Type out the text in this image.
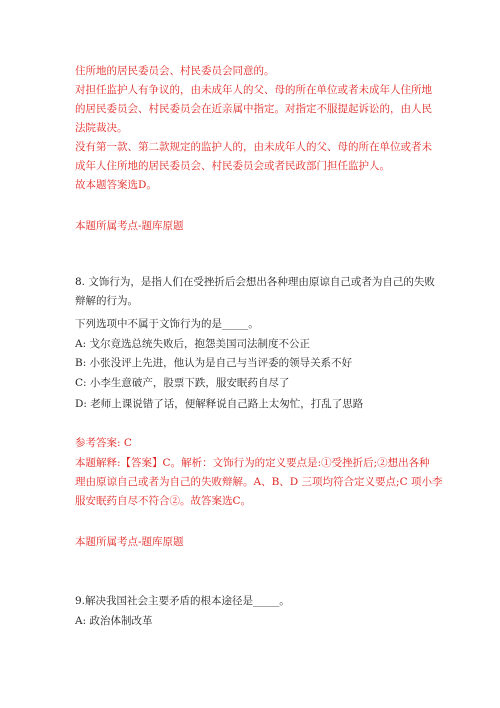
住所地的居民委员会、村民委员会同意的。
对担任监护人有争议的，由未成年人的父、母的所在单位或者未成年人住所地
的居民委员会、村民委员会在近亲属中指定。对指定不服提起诉讼的，由人民
法院裁决。
没有第一款、第二款规定的监护人的，由未成年人的父、母的所在单位或者未
成年人住所地的居民委员会、村民委员会或者民政部门担任监护人。
故本题答案选D。
本题所属考点-题库原题
8. 文饰行为，是指人们在受挫折后会想出各种理由原谅自己或者为自己的失败
辩解的行为。
下列选项中不属于文饰行为的是_____。
A: 戈尔竟选总统失败后，抱怨美国司法制度不公正
B: 小张没评上先进，他认为是自己与当评委的领导关系不好
C: 小李生意破产，股票下跌，服安眠药自尽了
D: 老师上课说错了话，便解释说自己路上太匆忙，打乱了思路
参考答案: C
本题解释:【答案】C。解析：文饰行为的定义要点是:①受挫折后;②想出各种
理由原谅自己或者为自己的失败辩解。A、B、D 三项均符合定义要点;C 项小李
服安眠药自尽不符合②。故答案选C。
本题所属考点-题库原题
9.解决我国社会主要矛盾的根本途径是_____。
A: 政治体制改革
